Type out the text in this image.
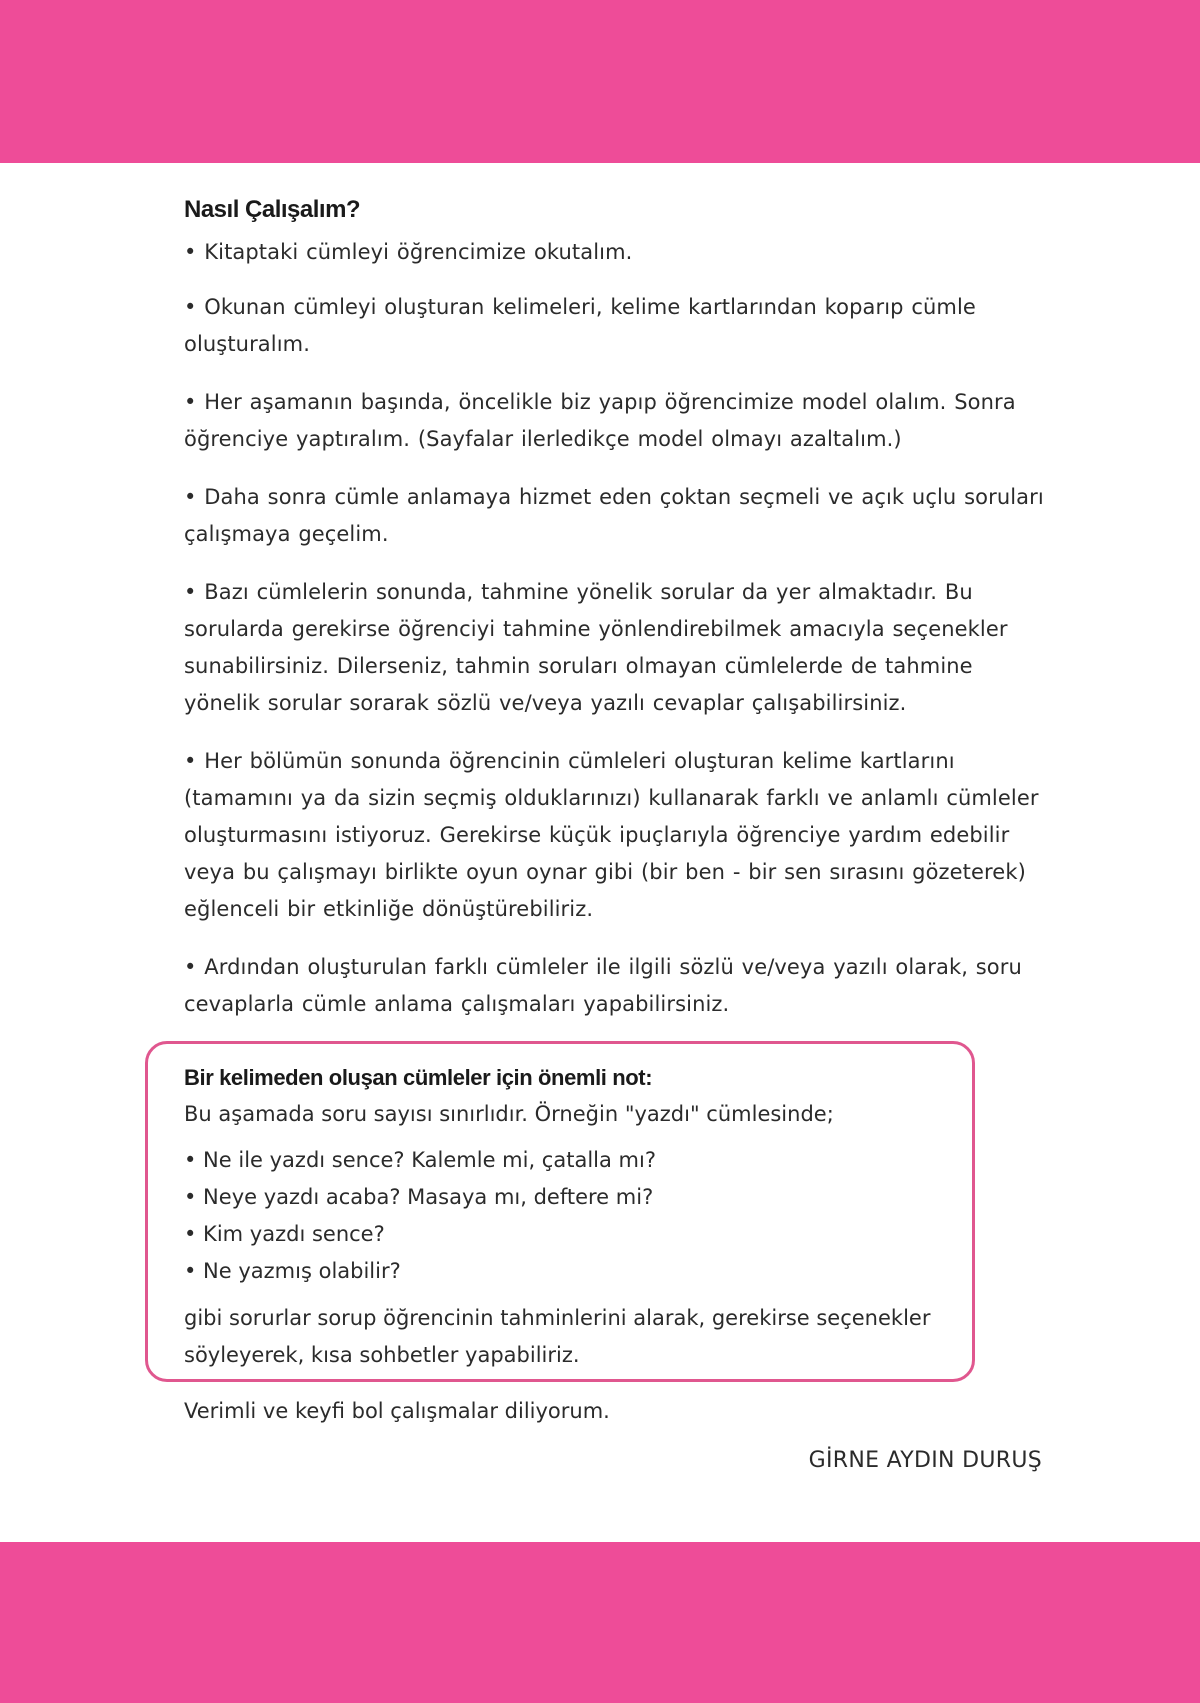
Nasıl Çalışalım?

• Kitaptaki cümleyi öğrencimize okutalım.

• Okunan cümleyi oluşturan kelimeleri, kelime kartlarından koparıp cümle oluşturalım.

• Her aşamanın başında, öncelikle biz yapıp öğrencimize model olalım. Sonra öğrenciye yaptıralım. (Sayfalar ilerledikçe model olmayı azaltalım.)

• Daha sonra cümle anlamaya hizmet eden çoktan seçmeli ve açık uçlu soruları çalışmaya geçelim.

• Bazı cümlelerin sonunda, tahmine yönelik sorular da yer almaktadır. Bu sorularda gerekirse öğrenciyi tahmine yönlendirebilmek amacıyla seçenekler sunabilirsiniz. Dilerseniz, tahmin soruları olmayan cümlelerde de tahmine yönelik sorular sorarak sözlü ve/veya yazılı cevaplar çalışabilirsiniz.

• Her bölümün sonunda öğrencinin cümleleri oluşturan kelime kartlarını (tamamını ya da sizin seçmiş olduklarınızı) kullanarak farklı ve anlamlı cümleler oluşturmasını istiyoruz. Gerekirse küçük ipuçlarıyla öğrenciye yardım edebilir veya bu çalışmayı birlikte oyun oynar gibi (bir ben - bir sen sırasını gözeterek) eğlenceli bir etkinliğe dönüştürebiliriz.

• Ardından oluşturulan farklı cümleler ile ilgili sözlü ve/veya yazılı olarak, soru cevaplarla cümle anlama çalışmaları yapabilirsiniz.

Bir kelimeden oluşan cümleler için önemli not:

Bu aşamada soru sayısı sınırlıdır. Örneğin "yazdı" cümlesinde;

• Ne ile yazdı sence? Kalemle mi, çatalla mı?
• Neye yazdı acaba? Masaya mı, deftere mi?
• Kim yazdı sence?
• Ne yazmış olabilir?

gibi sorurlar sorup öğrencinin tahminlerini alarak, gerekirse seçenekler söyleyerek, kısa sohbetler yapabiliriz.

Verimli ve keyfi bol çalışmalar diliyorum.

GİRNE AYDIN DURUŞ
